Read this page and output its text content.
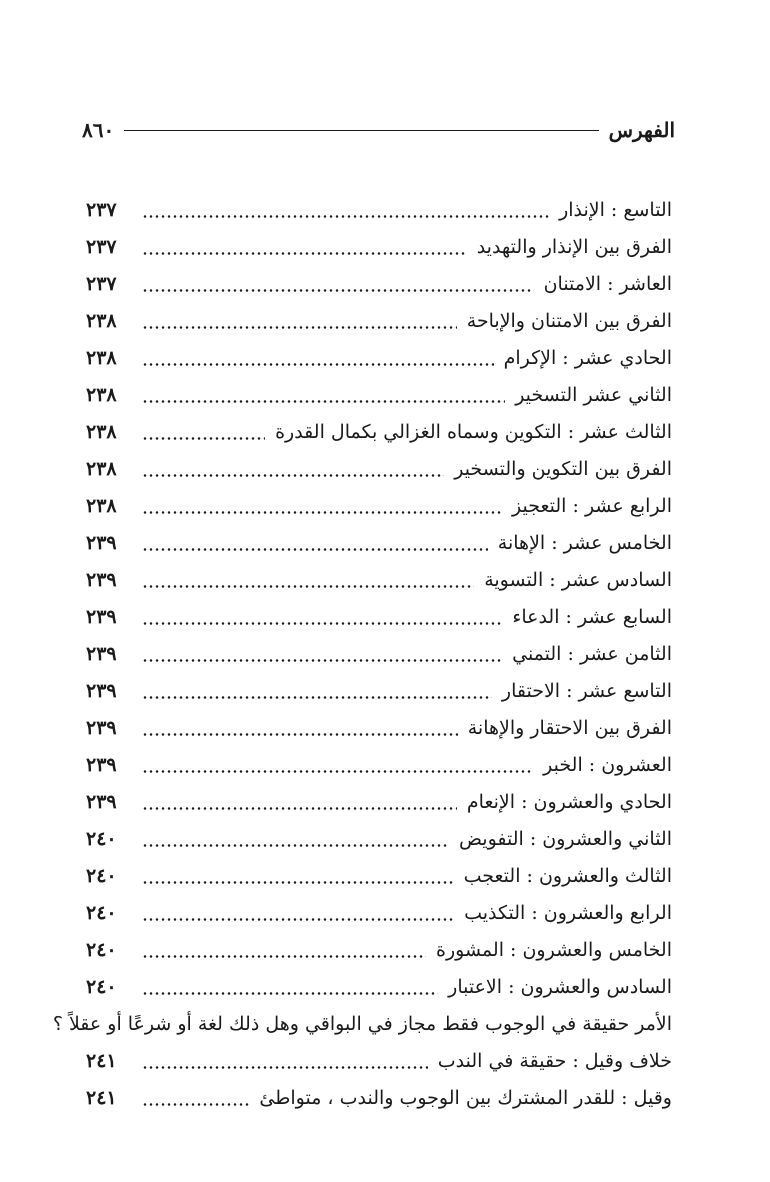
الفهرس
٨٦٠
التاسع : الإنذار
٢٣٧
الفرق بين الإنذار والتهديد
٢٣٧
العاشر : الامتنان
٢٣٧
الفرق بين الامتنان والإباحة
٢٣٨
الحادي عشر : الإكرام
٢٣٨
الثاني عشر التسخير
٢٣٨
الثالث عشر : التكوين وسماه الغزالي بكمال القدرة
٢٣٨
الفرق بين التكوين والتسخير
٢٣٨
الرابع عشر : التعجيز
٢٣٨
الخامس عشر : الإهانة
٢٣٩
السادس عشر : التسوية
٢٣٩
السابع عشر : الدعاء
٢٣٩
الثامن عشر : التمني
٢٣٩
التاسع عشر : الاحتقار
٢٣٩
الفرق بين الاحتقار والإهانة
٢٣٩
العشرون : الخبر
٢٣٩
الحادي والعشرون : الإنعام
٢٣٩
الثاني والعشرون : التفويض
٢٤٠
الثالث والعشرون : التعجب
٢٤٠
الرابع والعشرون : التكذيب
٢٤٠
الخامس والعشرون : المشورة
٢٤٠
السادس والعشرون : الاعتبار
٢٤٠
الأمر حقيقة في الوجوب فقط مجاز في البواقي وهل ذلك لغة أو شرعًا أو عقلاً ؟
خلاف وقيل : حقيقة في الندب
٢٤١
وقيل : للقدر المشترك بين الوجوب والندب ، متواطئ
٢٤١
